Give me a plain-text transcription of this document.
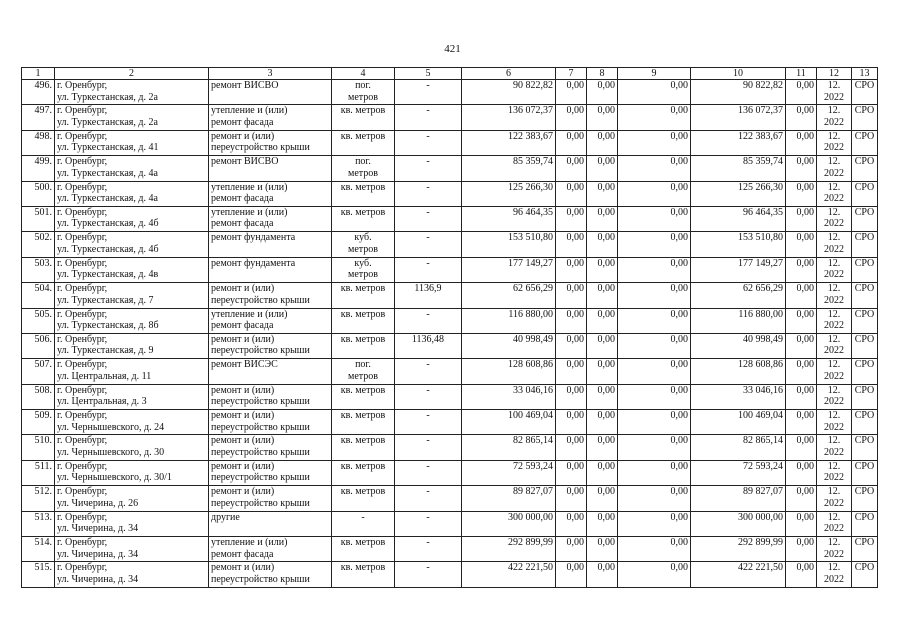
421
1	2	3	4	5	6	7	8	9	10	11	12	13

496.	г. Оренбург,
ул. Туркестанская, д. 2а	ремонт ВИСВО	пог.
метров	-	90 822,82	0,00	0,00	0,00	90 822,82	0,00	12.
2022	СРО

497.	г. Оренбург,
ул. Туркестанская, д. 2а	утепление и (или)
ремонт фасада	кв. метров	-	136 072,37	0,00	0,00	0,00	136 072,37	0,00	12.
2022	СРО

498.	г. Оренбург,
ул. Туркестанская, д. 41	ремонт и (или)
переустройство крыши	кв. метров	-	122 383,67	0,00	0,00	0,00	122 383,67	0,00	12.
2022	СРО

499.	г. Оренбург,
ул. Туркестанская, д. 4а	ремонт ВИСВО	пог.
метров	-	85 359,74	0,00	0,00	0,00	85 359,74	0,00	12.
2022	СРО

500.	г. Оренбург,
ул. Туркестанская, д. 4а	утепление и (или)
ремонт фасада	кв. метров	-	125 266,30	0,00	0,00	0,00	125 266,30	0,00	12.
2022	СРО

501.	г. Оренбург,
ул. Туркестанская, д. 4б	утепление и (или)
ремонт фасада	кв. метров	-	96 464,35	0,00	0,00	0,00	96 464,35	0,00	12.
2022	СРО

502.	г. Оренбург,
ул. Туркестанская, д. 4б	ремонт фундамента	куб.
метров	-	153 510,80	0,00	0,00	0,00	153 510,80	0,00	12.
2022	СРО

503.	г. Оренбург,
ул. Туркестанская, д. 4в	ремонт фундамента	куб.
метров	-	177 149,27	0,00	0,00	0,00	177 149,27	0,00	12.
2022	СРО

504.	г. Оренбург,
ул. Туркестанская, д. 7	ремонт и (или)
переустройство крыши	кв. метров	1136,9	62 656,29	0,00	0,00	0,00	62 656,29	0,00	12.
2022	СРО

505.	г. Оренбург,
ул. Туркестанская, д. 8б	утепление и (или)
ремонт фасада	кв. метров	-	116 880,00	0,00	0,00	0,00	116 880,00	0,00	12.
2022	СРО

506.	г. Оренбург,
ул. Туркестанская, д. 9	ремонт и (или)
переустройство крыши	кв. метров	1136,48	40 998,49	0,00	0,00	0,00	40 998,49	0,00	12.
2022	СРО

507.	г. Оренбург,
ул. Центральная, д. 11	ремонт ВИСЭС	пог.
метров	-	128 608,86	0,00	0,00	0,00	128 608,86	0,00	12.
2022	СРО

508.	г. Оренбург,
ул. Центральная, д. 3	ремонт и (или)
переустройство крыши	кв. метров	-	33 046,16	0,00	0,00	0,00	33 046,16	0,00	12.
2022	СРО

509.	г. Оренбург,
ул. Чернышевского, д. 24	ремонт и (или)
переустройство крыши	кв. метров	-	100 469,04	0,00	0,00	0,00	100 469,04	0,00	12.
2022	СРО

510.	г. Оренбург,
ул. Чернышевского, д. 30	ремонт и (или)
переустройство крыши	кв. метров	-	82 865,14	0,00	0,00	0,00	82 865,14	0,00	12.
2022	СРО

511.	г. Оренбург,
ул. Чернышевского, д. 30/1	ремонт и (или)
переустройство крыши	кв. метров	-	72 593,24	0,00	0,00	0,00	72 593,24	0,00	12.
2022	СРО

512.	г. Оренбург,
ул. Чичерина, д. 26	ремонт и (или)
переустройство крыши	кв. метров	-	89 827,07	0,00	0,00	0,00	89 827,07	0,00	12.
2022	СРО

513.	г. Оренбург,
ул. Чичерина, д. 34	другие	-	-	300 000,00	0,00	0,00	0,00	300 000,00	0,00	12.
2022	СРО

514.	г. Оренбург,
ул. Чичерина, д. 34	утепление и (или)
ремонт фасада	кв. метров	-	292 899,99	0,00	0,00	0,00	292 899,99	0,00	12.
2022	СРО

515.	г. Оренбург,
ул. Чичерина, д. 34	ремонт и (или)
переустройство крыши	кв. метров	-	422 221,50	0,00	0,00	0,00	422 221,50	0,00	12.
2022	СРО
